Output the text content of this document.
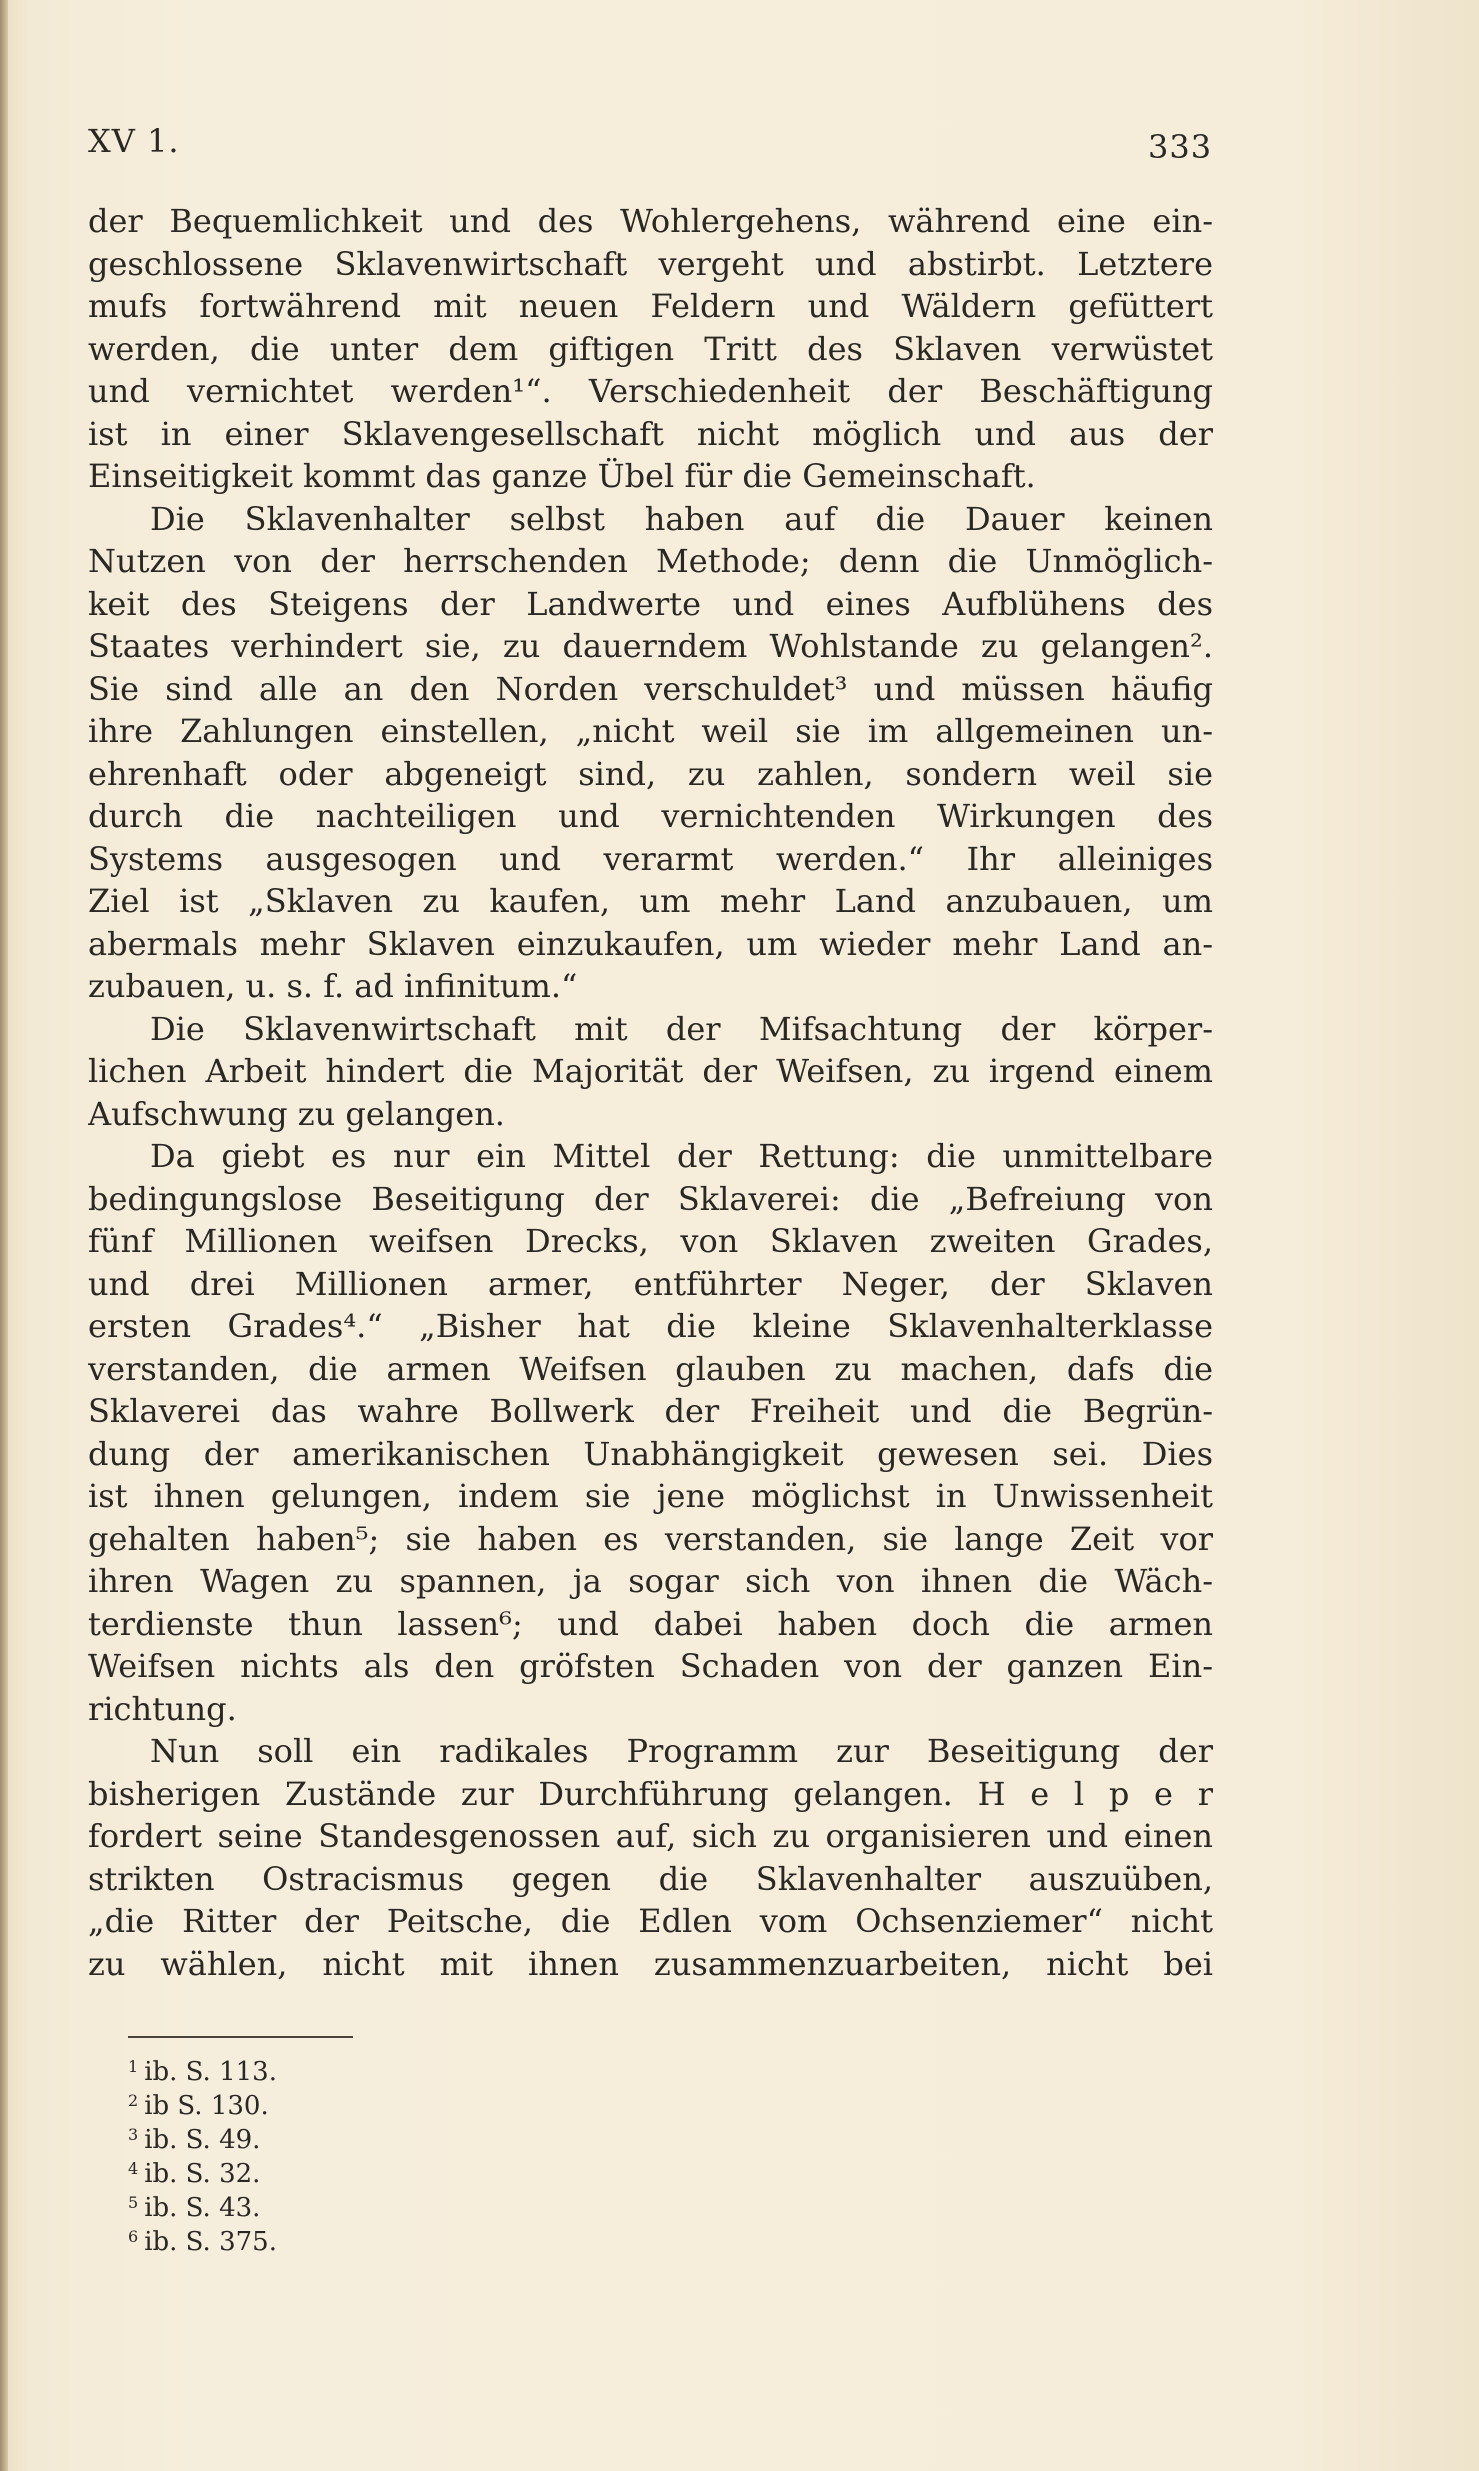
XV 1.	333
der Bequemlichkeit und des Wohlergehens, während eine ein-
geschlossene Sklavenwirtschaft vergeht und abstirbt. Letztere
mufs fortwährend mit neuen Feldern und Wäldern gefüttert
werden, die unter dem giftigen Tritt des Sklaven verwüstet
und vernichtet werden¹“. Verschiedenheit der Beschäftigung
ist in einer Sklavengesellschaft nicht möglich und aus der
Einseitigkeit kommt das ganze Übel für die Gemeinschaft.
Die Sklavenhalter selbst haben auf die Dauer keinen
Nutzen von der herrschenden Methode; denn die Unmöglich-
keit des Steigens der Landwerte und eines Aufblühens des
Staates verhindert sie, zu dauerndem Wohlstande zu gelangen².
Sie sind alle an den Norden verschuldet³ und müssen häufig
ihre Zahlungen einstellen, „nicht weil sie im allgemeinen un-
ehrenhaft oder abgeneigt sind, zu zahlen, sondern weil sie
durch die nachteiligen und vernichtenden Wirkungen des
Systems ausgesogen und verarmt werden.“ Ihr alleiniges
Ziel ist „Sklaven zu kaufen, um mehr Land anzubauen, um
abermals mehr Sklaven einzukaufen, um wieder mehr Land an-
zubauen, u. s. f. ad infinitum.“
Die Sklavenwirtschaft mit der Mifsachtung der körper-
lichen Arbeit hindert die Majorität der Weifsen, zu irgend einem
Aufschwung zu gelangen.
Da giebt es nur ein Mittel der Rettung: die unmittelbare
bedingungslose Beseitigung der Sklaverei: die „Befreiung von
fünf Millionen weifsen Drecks, von Sklaven zweiten Grades,
und drei Millionen armer, entführter Neger, der Sklaven
ersten Grades⁴.“ „Bisher hat die kleine Sklavenhalterklasse
verstanden, die armen Weifsen glauben zu machen, dafs die
Sklaverei das wahre Bollwerk der Freiheit und die Begrün-
dung der amerikanischen Unabhängigkeit gewesen sei. Dies
ist ihnen gelungen, indem sie jene möglichst in Unwissenheit
gehalten haben⁵; sie haben es verstanden, sie lange Zeit vor
ihren Wagen zu spannen, ja sogar sich von ihnen die Wäch-
terdienste thun lassen⁶; und dabei haben doch die armen
Weifsen nichts als den gröfsten Schaden von der ganzen Ein-
richtung.
Nun soll ein radikales Programm zur Beseitigung der
bisherigen Zustände zur Durchführung gelangen. H e l p e r
fordert seine Standesgenossen auf, sich zu organisieren und einen
strikten Ostracismus gegen die Sklavenhalter auszuüben,
„die Ritter der Peitsche, die Edlen vom Ochsenziemer“ nicht
zu wählen, nicht mit ihnen zusammenzuarbeiten, nicht bei
$^1$ ib. S. 113.
$^2$ ib S. 130.
$^3$ ib. S. 49.
$^4$ ib. S. 32.
$^5$ ib. S. 43.
$^6$ ib. S. 375.
